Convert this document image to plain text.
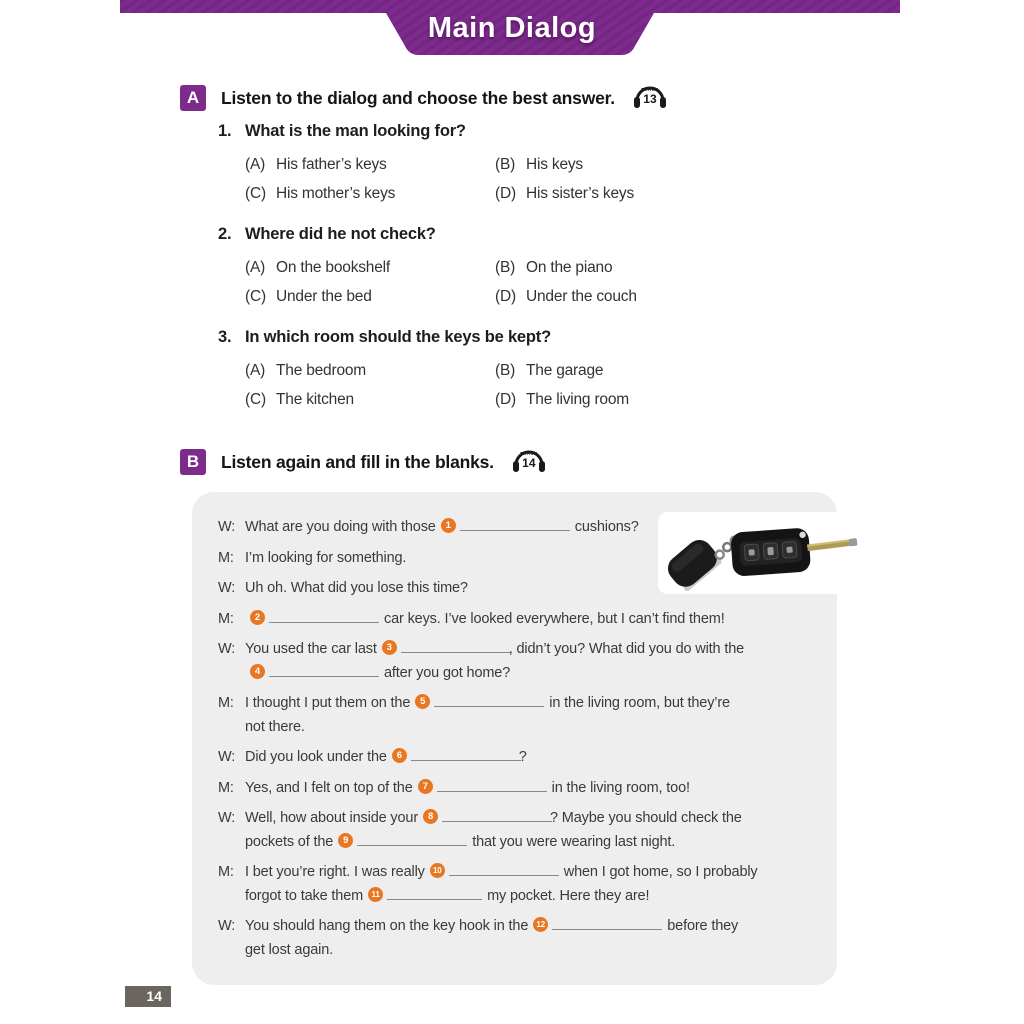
Main Dialog
A	Listen to the dialog and choose the best answer.	TRACK
13
1. What is the man looking for?
(A) His father’s keys	(B) His keys
(C) His mother’s keys	(D) His sister’s keys
2. Where did he not check?
(A) On the bookshelf	(B) On the piano
(C) Under the bed	(D) Under the couch
3. In which room should the keys be kept?
(A) The bedroom	(B) The garage
(C) The kitchen	(D) The living room
B	Listen again and fill in the blanks.	TRACK
14
W: What are you doing with those 1	cushions?
M: I’m looking for something.
W: Uh oh. What did you lose this time?
M: 2	car keys. I’ve looked everywhere, but I can’t find them!
W: You used the car last 3	, didn’t you? What did you do with the
4	after you got home?
M: I thought I put them on the 5	in the living room, but they’re
not there.
W: Did you look under the 6	?
M: Yes, and I felt on top of the 7	in the living room, too!
W: Well, how about inside your 8	? Maybe you should check the
pockets of the 9	that you were wearing last night.
M: I bet you’re right. I was really 10	when I got home, so I probably
forgot to take them 11	my pocket. Here they are!
W: You should hang them on the key hook in the 12	before they
get lost again.
14
